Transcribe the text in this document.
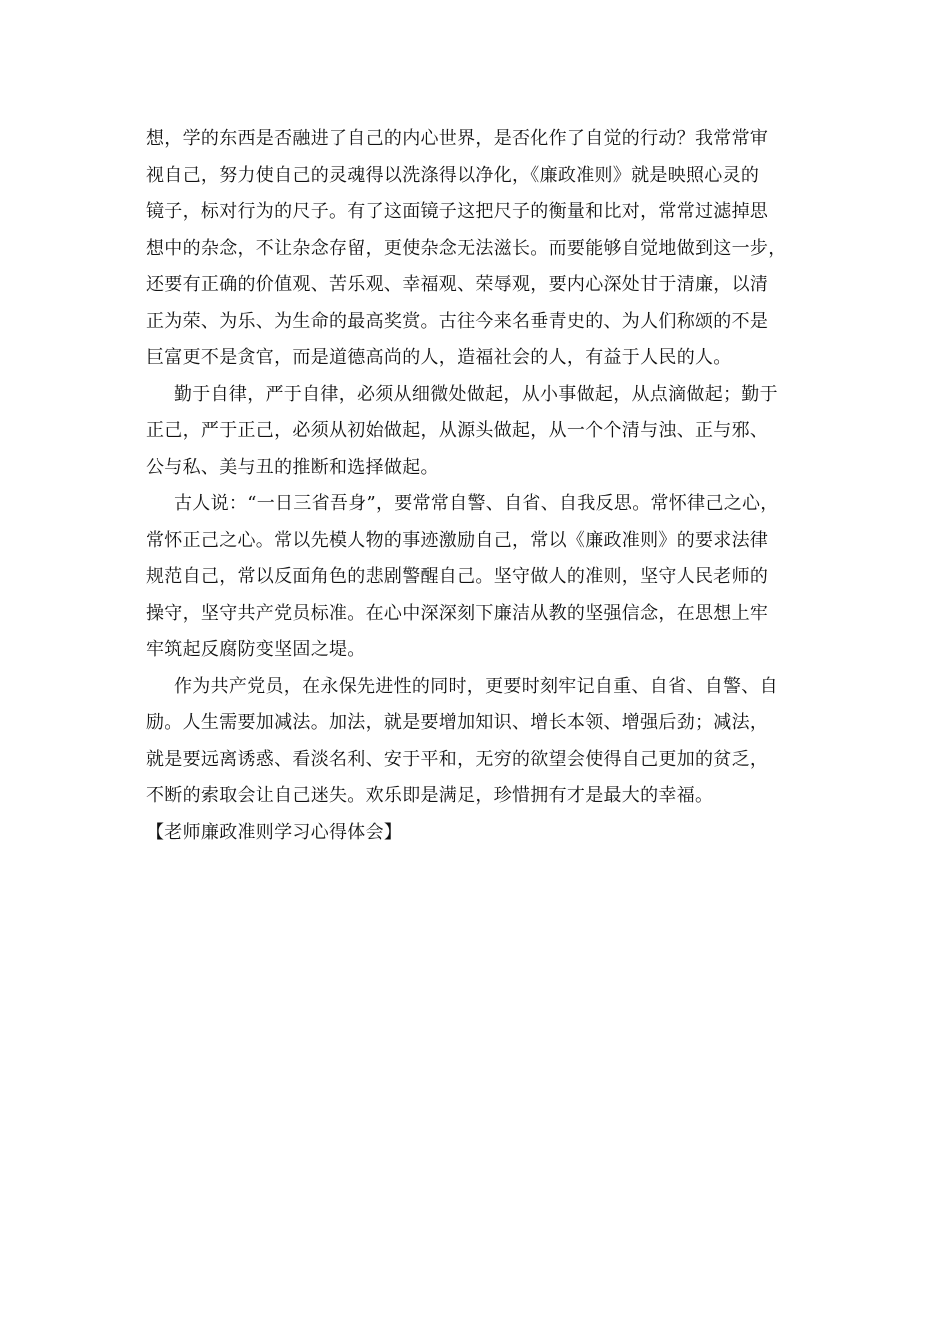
想，学的东西是否融进了自己的内心世界，是否化作了自觉的行动？我常常审
视自己，努力使自己的灵魂得以洗涤得以净化，《廉政准则》就是映照心灵的
镜子，标对行为的尺子。有了这面镜子这把尺子的衡量和比对，常常过滤掉思
想中的杂念，不让杂念存留，更使杂念无法滋长。而要能够自觉地做到这一步，
还要有正确的价值观、苦乐观、幸福观、荣辱观，要内心深处甘于清廉，以清
正为荣、为乐、为生命的最高奖赏。古往今来名垂青史的、为人们称颂的不是
巨富更不是贪官，而是道德高尚的人，造福社会的人，有益于人民的人。

勤于自律，严于自律，必须从细微处做起，从小事做起，从点滴做起；勤于
正己，严于正己，必须从初始做起，从源头做起，从一个个清与浊、正与邪、
公与私、美与丑的推断和选择做起。

古人说：“一日三省吾身”，要常常自警、自省、自我反思。常怀律己之心，
常怀正己之心。常以先模人物的事迹激励自己，常以《廉政准则》的要求法律
规范自己，常以反面角色的悲剧警醒自己。坚守做人的准则，坚守人民老师的
操守，坚守共产党员标准。在心中深深刻下廉洁从教的坚强信念，在思想上牢
牢筑起反腐防变坚固之堤。

作为共产党员，在永保先进性的同时，更要时刻牢记自重、自省、自警、自
励。人生需要加减法。加法，就是要增加知识、增长本领、增强后劲；减法，
就是要远离诱惑、看淡名利、安于平和，无穷的欲望会使得自己更加的贫乏，
不断的索取会让自己迷失。欢乐即是满足，珍惜拥有才是最大的幸福。

【老师廉政准则学习心得体会】
